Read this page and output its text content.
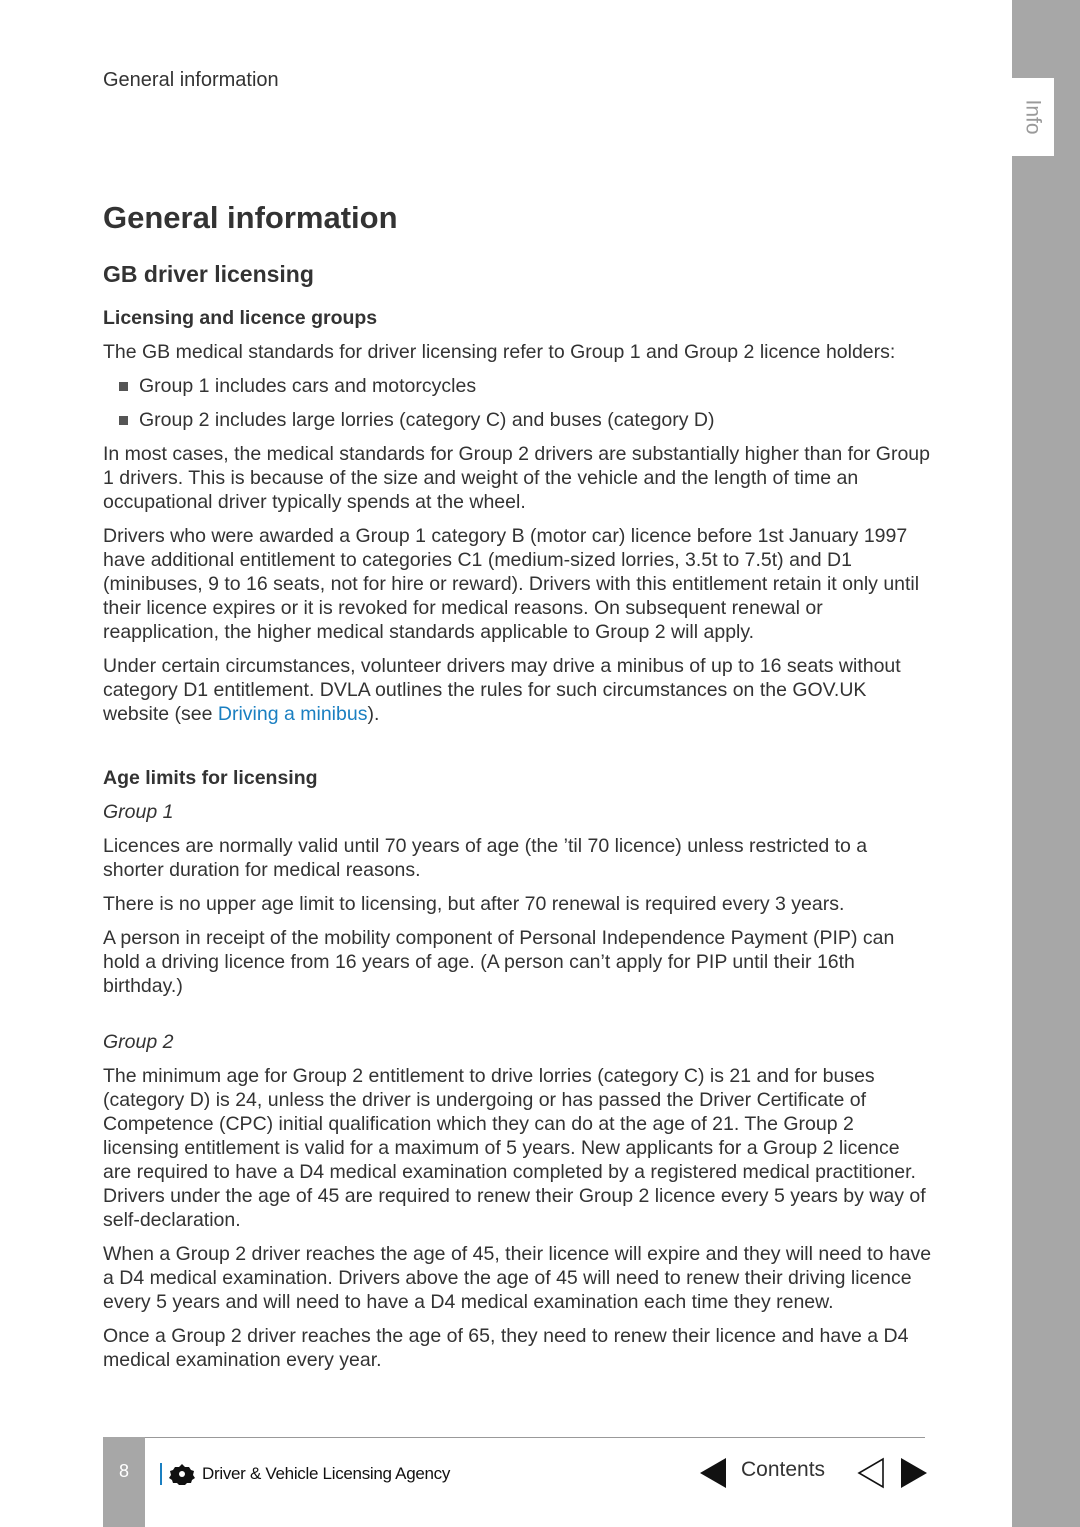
Info
General information
General information
GB driver licensing
Licensing and licence groups

The GB medical standards for driver licensing refer to Group 1 and Group 2 licence holders:

Group 1 includes cars and motorcycles
Group 2 includes large lorries (category C) and buses (category D)

In most cases, the medical standards for Group 2 drivers are substantially higher than for Group 1 drivers. This is because of the size and weight of the vehicle and the length of time an occupational driver typically spends at the wheel.

Drivers who were awarded a Group 1 category B (motor car) licence before 1st January 1997 have additional entitlement to categories C1 (medium-sized lorries, 3.5t to 7.5t) and D1 (minibuses, 9 to 16 seats, not for hire or reward). Drivers with this entitlement retain it only until their licence expires or it is revoked for medical reasons. On subsequent renewal or reapplication, the higher medical standards applicable to Group 2 will apply.

Under certain circumstances, volunteer drivers may drive a minibus of up to 16 seats without category D1 entitlement. DVLA outlines the rules for such circumstances on the GOV.UK website (see Driving a minibus).

Age limits for licensing
Group 1

Licences are normally valid until 70 years of age (the ’til 70 licence) unless restricted to a shorter duration for medical reasons.

There is no upper age limit to licensing, but after 70 renewal is required every 3 years.

A person in receipt of the mobility component of Personal Independence Payment (PIP) can hold a driving licence from 16 years of age. (A person can’t apply for PIP until their 16th birthday.)

Group 2

The minimum age for Group 2 entitlement to drive lorries (category C) is 21 and for buses (category D) is 24, unless the driver is undergoing or has passed the Driver Certificate of Competence (CPC) initial qualification which they can do at the age of 21. The Group 2 licensing entitlement is valid for a maximum of 5 years. New applicants for a Group 2 licence are required to have a D4 medical examination completed by a registered medical practitioner. Drivers under the age of 45 are required to renew their Group 2 licence every 5 years by way of self-declaration.

When a Group 2 driver reaches the age of 45, their licence will expire and they will need to have a D4 medical examination. Drivers above the age of 45 will need to renew their driving licence every 5 years and will need to have a D4 medical examination each time they renew.

Once a Group 2 driver reaches the age of 65, they need to renew their licence and have a D4 medical examination every year.

8	Driver & Vehicle Licensing Agency	Contents
